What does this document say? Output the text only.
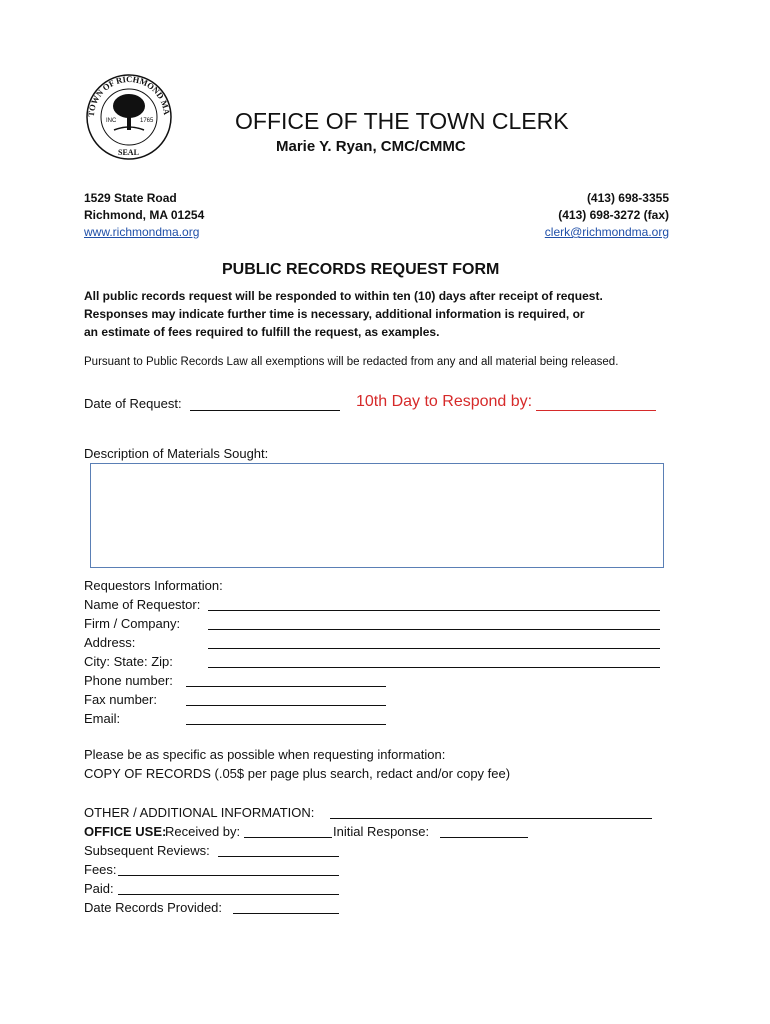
TOWN OF RICHMOND MA
INC	1765
SEAL
OFFICE OF THE TOWN CLERK
Marie Y. Ryan, CMC/CMMC
1529 State Road
Richmond, MA 01254
www.richmondma.org
(413) 698-3355
(413) 698-3272 (fax)
clerk@richmondma.org
PUBLIC RECORDS REQUEST FORM
All public records request will be responded to within ten (10) days after receipt of request.
Responses may indicate further time is necessary, additional information is required, or
an estimate of fees required to fulfill the request, as examples.
Pursuant to Public Records Law all exemptions will be redacted from any and all material being released.
Date of Request:	10th Day to Respond by:
Description of Materials Sought:
Requestors Information:
Name of Requestor:
Firm / Company:
Address:
City: State: Zip:
Phone number:
Fax number:
Email:
Please be as specific as possible when requesting information:
COPY OF RECORDS (.05$ per page plus search, redact and/or copy fee)
OTHER / ADDITIONAL INFORMATION:
OFFICE USE:
Received by:	Initial Response:
Subsequent Reviews:
Fees:
Paid:
Date Records Provided:
